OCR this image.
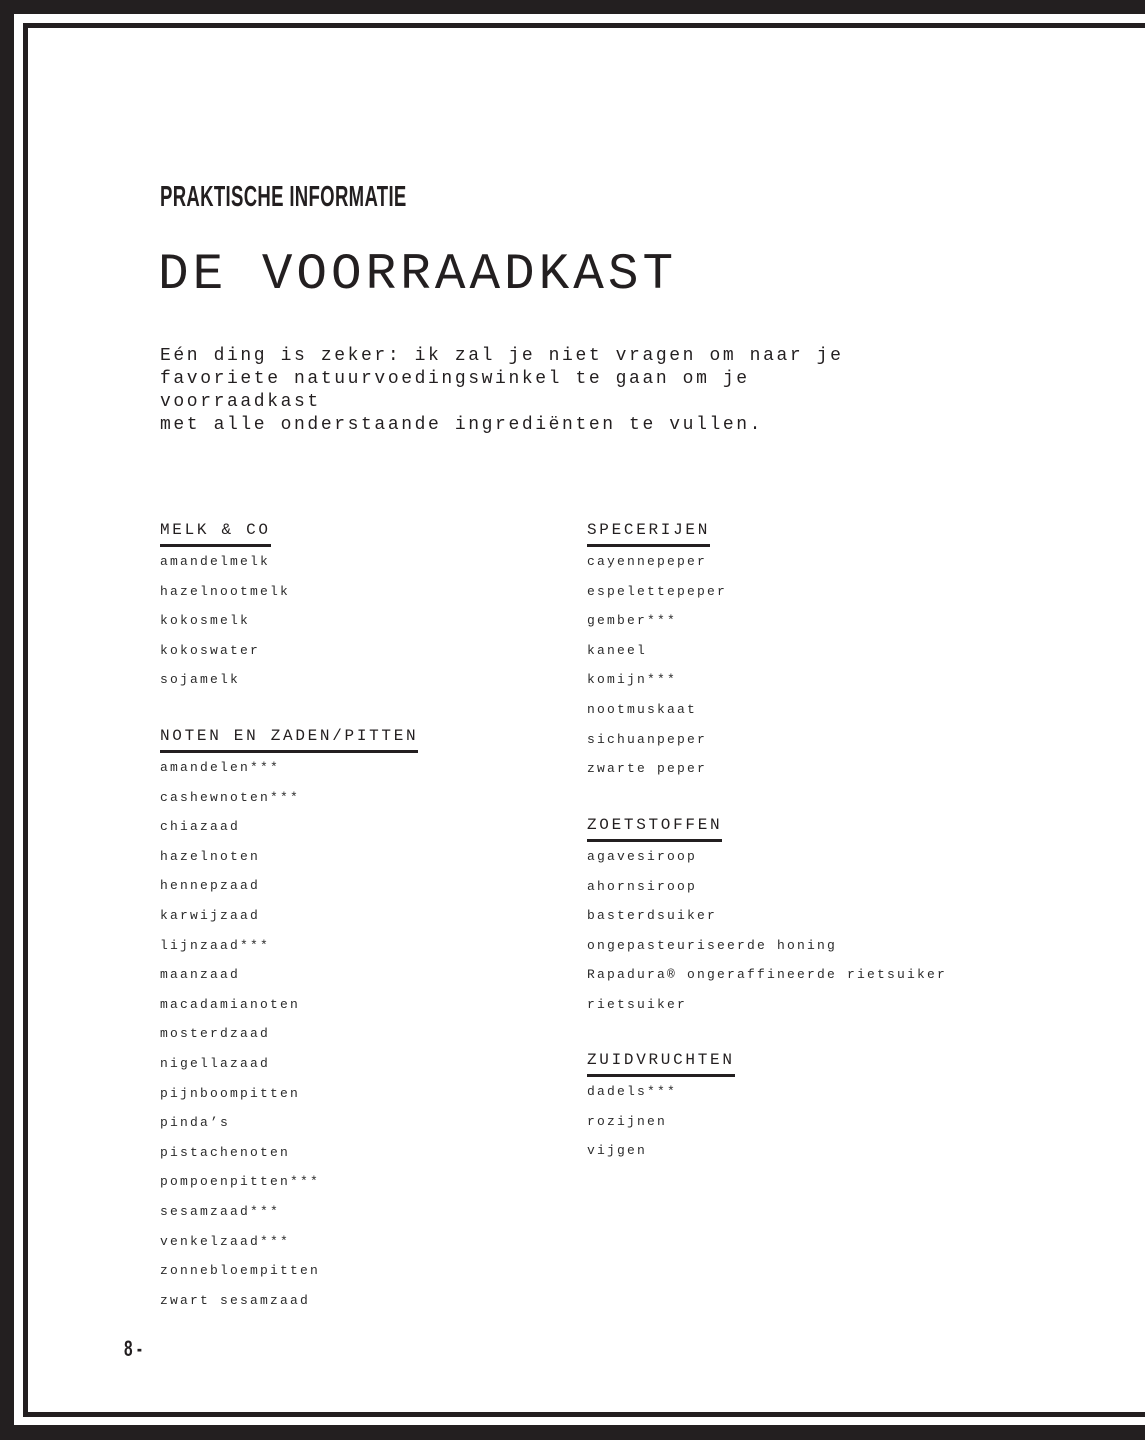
PRAKTISCHE INFORMATIE
DE VOORRAADKAST
Eén ding is zeker: ik zal je niet vragen om naar je
favoriete natuurvoedingswinkel te gaan om je voorraadkast
met alle onderstaande ingrediënten te vullen.
MELK & CO
amandelmelk
hazelnootmelk
kokosmelk
kokoswater
sojamelk
NOTEN EN ZADEN/PITTEN
amandelen***
cashewnoten***
chiazaad
hazelnoten
hennepzaad
karwijzaad
lijnzaad***
maanzaad
macadamianoten
mosterdzaad
nigellazaad
pijnboompitten
pinda’s
pistachenoten
pompoenpitten***
sesamzaad***
venkelzaad***
zonnebloempitten
zwart sesamzaad
SPECERIJEN
cayennepeper
espelettepeper
gember***
kaneel
komijn***
nootmuskaat
sichuanpeper
zwarte peper
ZOETSTOFFEN
agavesiroop
ahornsiroop
basterdsuiker
ongepasteuriseerde honing
Rapadura® ongeraffineerde rietsuiker
rietsuiker
ZUIDVRUCHTEN
dadels***
rozijnen
vijgen
8 -
